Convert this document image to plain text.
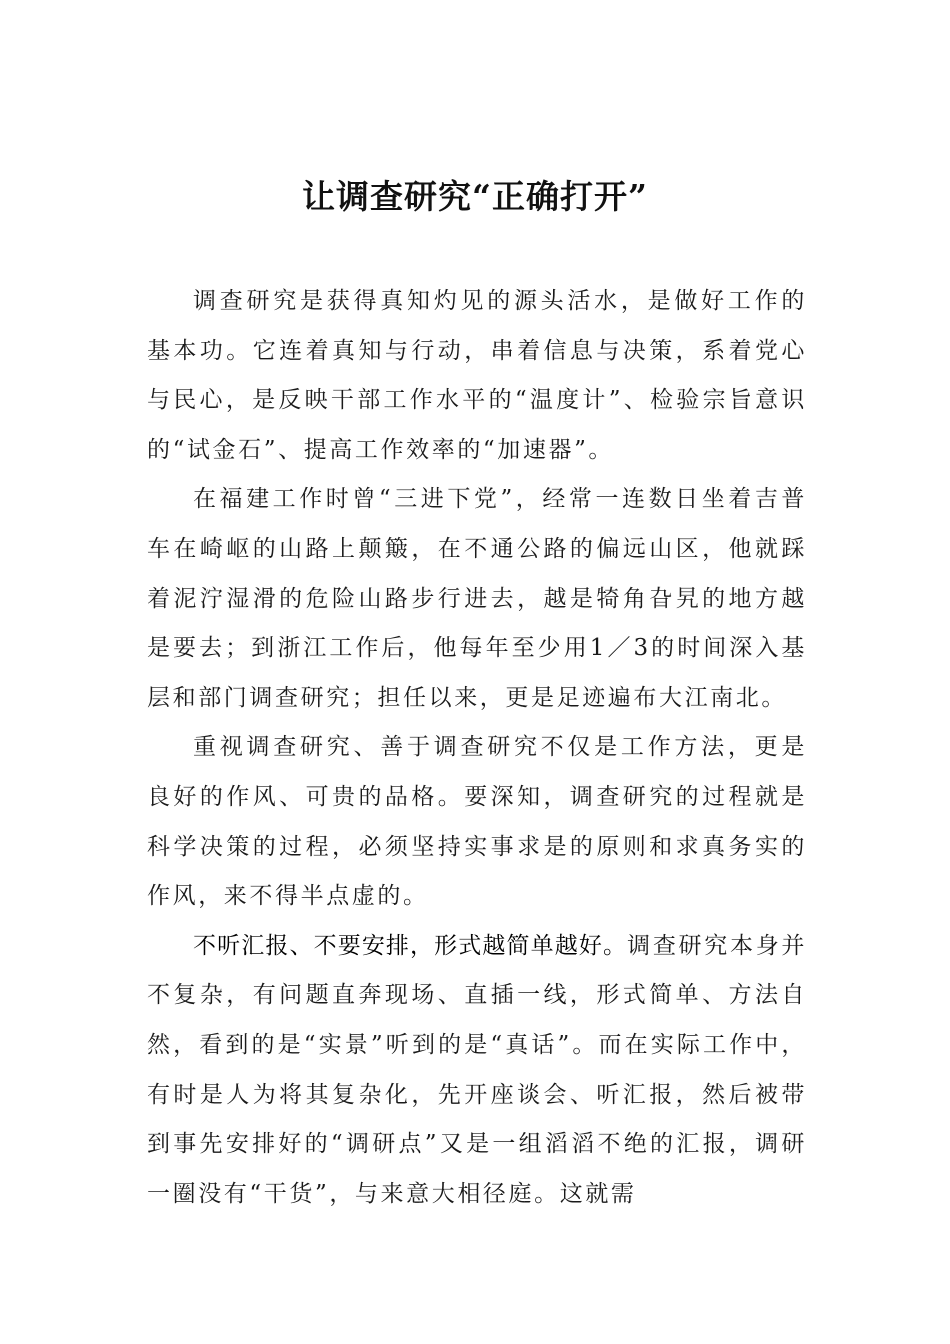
让调查研究“正确打开”

调查研究是获得真知灼见的源头活水，是做好工作的基本功。它连着真知与行动，串着信息与决策，系着党心与民心，是反映干部工作水平的“温度计”、检验宗旨意识的“试金石”、提高工作效率的“加速器”。

在福建工作时曾“三进下党”，经常一连数日坐着吉普车在崎岖的山路上颠簸，在不通公路的偏远山区，他就踩着泥泞湿滑的危险山路步行进去，越是犄角旮旯的地方越是要去；到浙江工作后，他每年至少用1／3的时间深入基层和部门调查研究；担任以来，更是足迹遍布大江南北。

重视调查研究、善于调查研究不仅是工作方法，更是良好的作风、可贵的品格。要深知，调查研究的过程就是科学决策的过程，必须坚持实事求是的原则和求真务实的作风，来不得半点虚的。

不听汇报、不要安排，形式越简单越好。调查研究本身并不复杂，有问题直奔现场、直插一线，形式简单、方法自然，看到的是“实景”听到的是“真话”。而在实际工作中，有时是人为将其复杂化，先开座谈会、听汇报，然后被带到事先安排好的“调研点”又是一组滔滔不绝的汇报，调研一圈没有“干货”，与来意大相径庭。这就需
